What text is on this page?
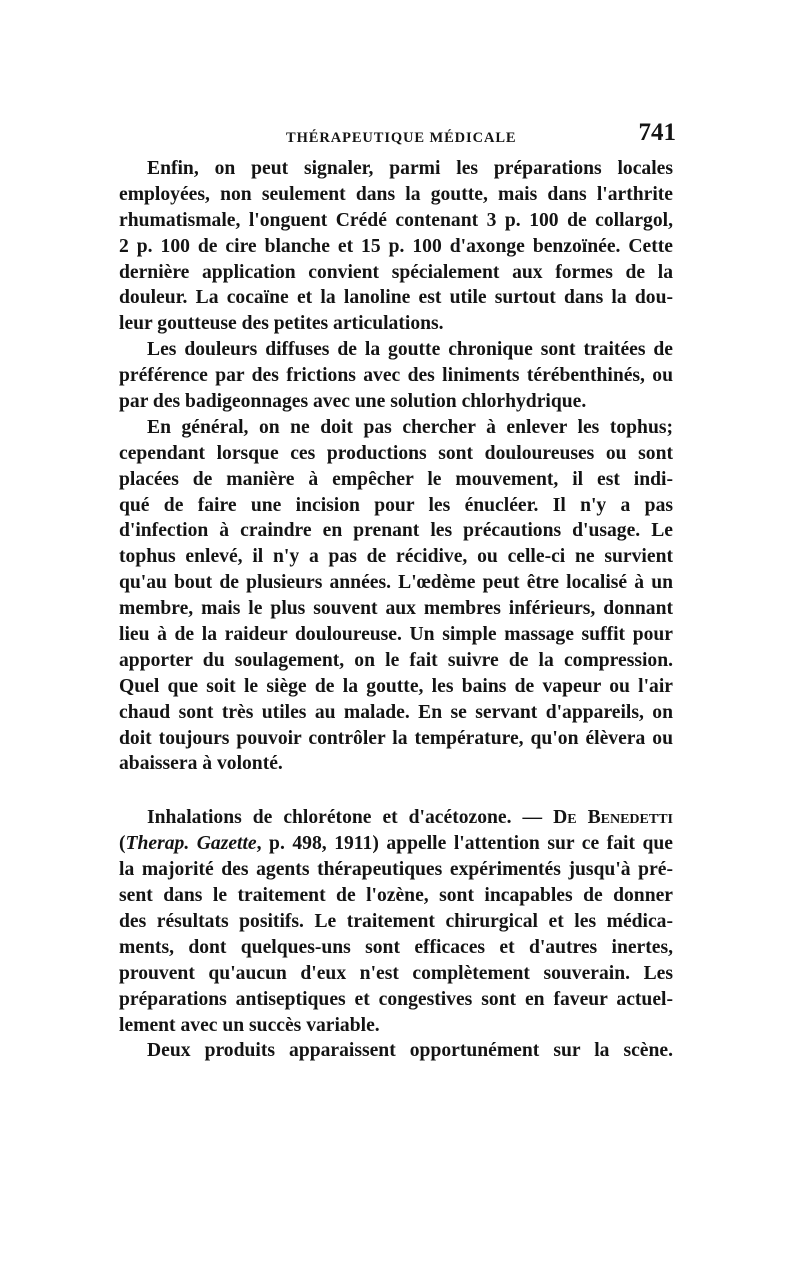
THÉRAPEUTIQUE MÉDICALE	741
Enfin, on peut signaler, parmi les préparations locales
employées, non seulement dans la goutte, mais dans l'arthrite
rhumatismale, l'onguent Crédé contenant 3 p. 100 de collargol,
2 p. 100 de cire blanche et 15 p. 100 d'axonge benzoïnée. Cette
dernière application convient spécialement aux formes de la
douleur. La cocaïne et la lanoline est utile surtout dans la dou-
leur goutteuse des petites articulations.
Les douleurs diffuses de la goutte chronique sont traitées de
préférence par des frictions avec des liniments térébenthinés, ou
par des badigeonnages avec une solution chlorhydrique.
En général, on ne doit pas chercher à enlever les tophus;
cependant lorsque ces productions sont douloureuses ou sont
placées de manière à empêcher le mouvement, il est indi-
qué de faire une incision pour les énucléer. Il n'y a pas
d'infection à craindre en prenant les précautions d'usage. Le
tophus enlevé, il n'y a pas de récidive, ou celle-ci ne survient
qu'au bout de plusieurs années. L'œdème peut être localisé à un
membre, mais le plus souvent aux membres inférieurs, donnant
lieu à de la raideur douloureuse. Un simple massage suffit pour
apporter du soulagement, on le fait suivre de la compression.
Quel que soit le siège de la goutte, les bains de vapeur ou l'air
chaud sont très utiles au malade. En se servant d'appareils, on
doit toujours pouvoir contrôler la température, qu'on élèvera ou
abaissera à volonté.
Inhalations de chlorétone et d'acétozone. — De Benedetti
(Therap. Gazette, p. 498, 1911) appelle l'attention sur ce fait que
la majorité des agents thérapeutiques expérimentés jusqu'à pré-
sent dans le traitement de l'ozène, sont incapables de donner
des résultats positifs. Le traitement chirurgical et les médica-
ments, dont quelques-uns sont efficaces et d'autres inertes,
prouvent qu'aucun d'eux n'est complètement souverain. Les
préparations antiseptiques et congestives sont en faveur actuel-
lement avec un succès variable.
Deux produits apparaissent opportunément sur la scène.
